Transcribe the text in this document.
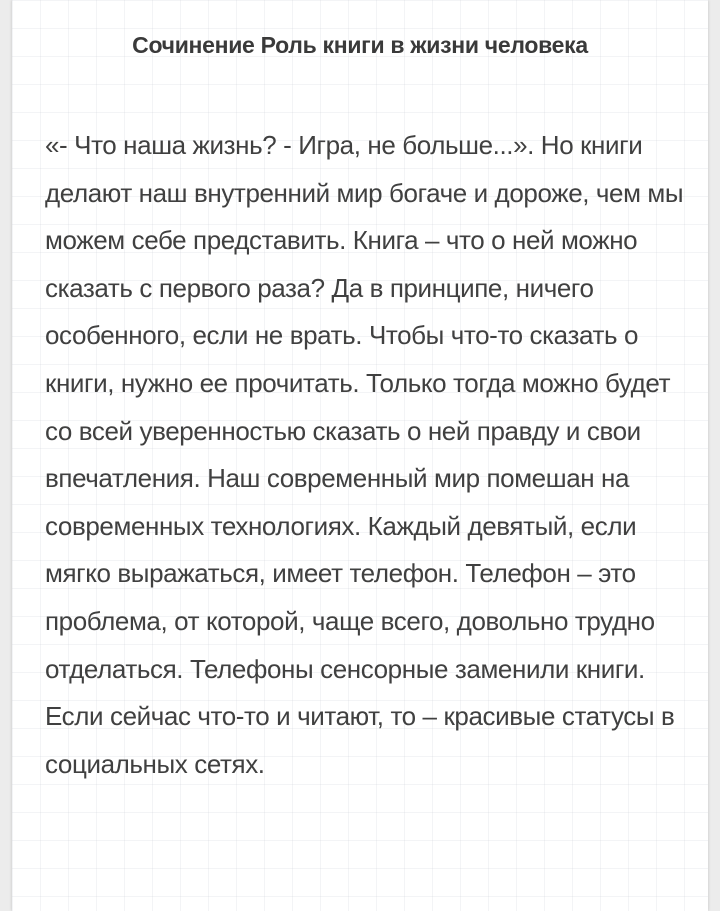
Сочинение Роль книги в жизни человека

«- Что наша жизнь? - Игра, не больше...». Но книги делают наш внутренний мир богаче и дороже, чем мы можем себе представить. Книга – что о ней можно сказать с первого раза? Да в принципе, ничего особенного, если не врать. Чтобы что-то сказать о книги, нужно ее прочитать. Только тогда можно будет со всей уверенностью сказать о ней правду и свои впечатления. Наш современный мир помешан на современных технологиях. Каждый девятый, если мягко выражаться, имеет телефон. Телефон – это проблема, от которой, чаще всего, довольно трудно отделаться. Телефоны сенсорные заменили книги. Если сейчас что-то и читают, то – красивые статусы в социальных сетях.
